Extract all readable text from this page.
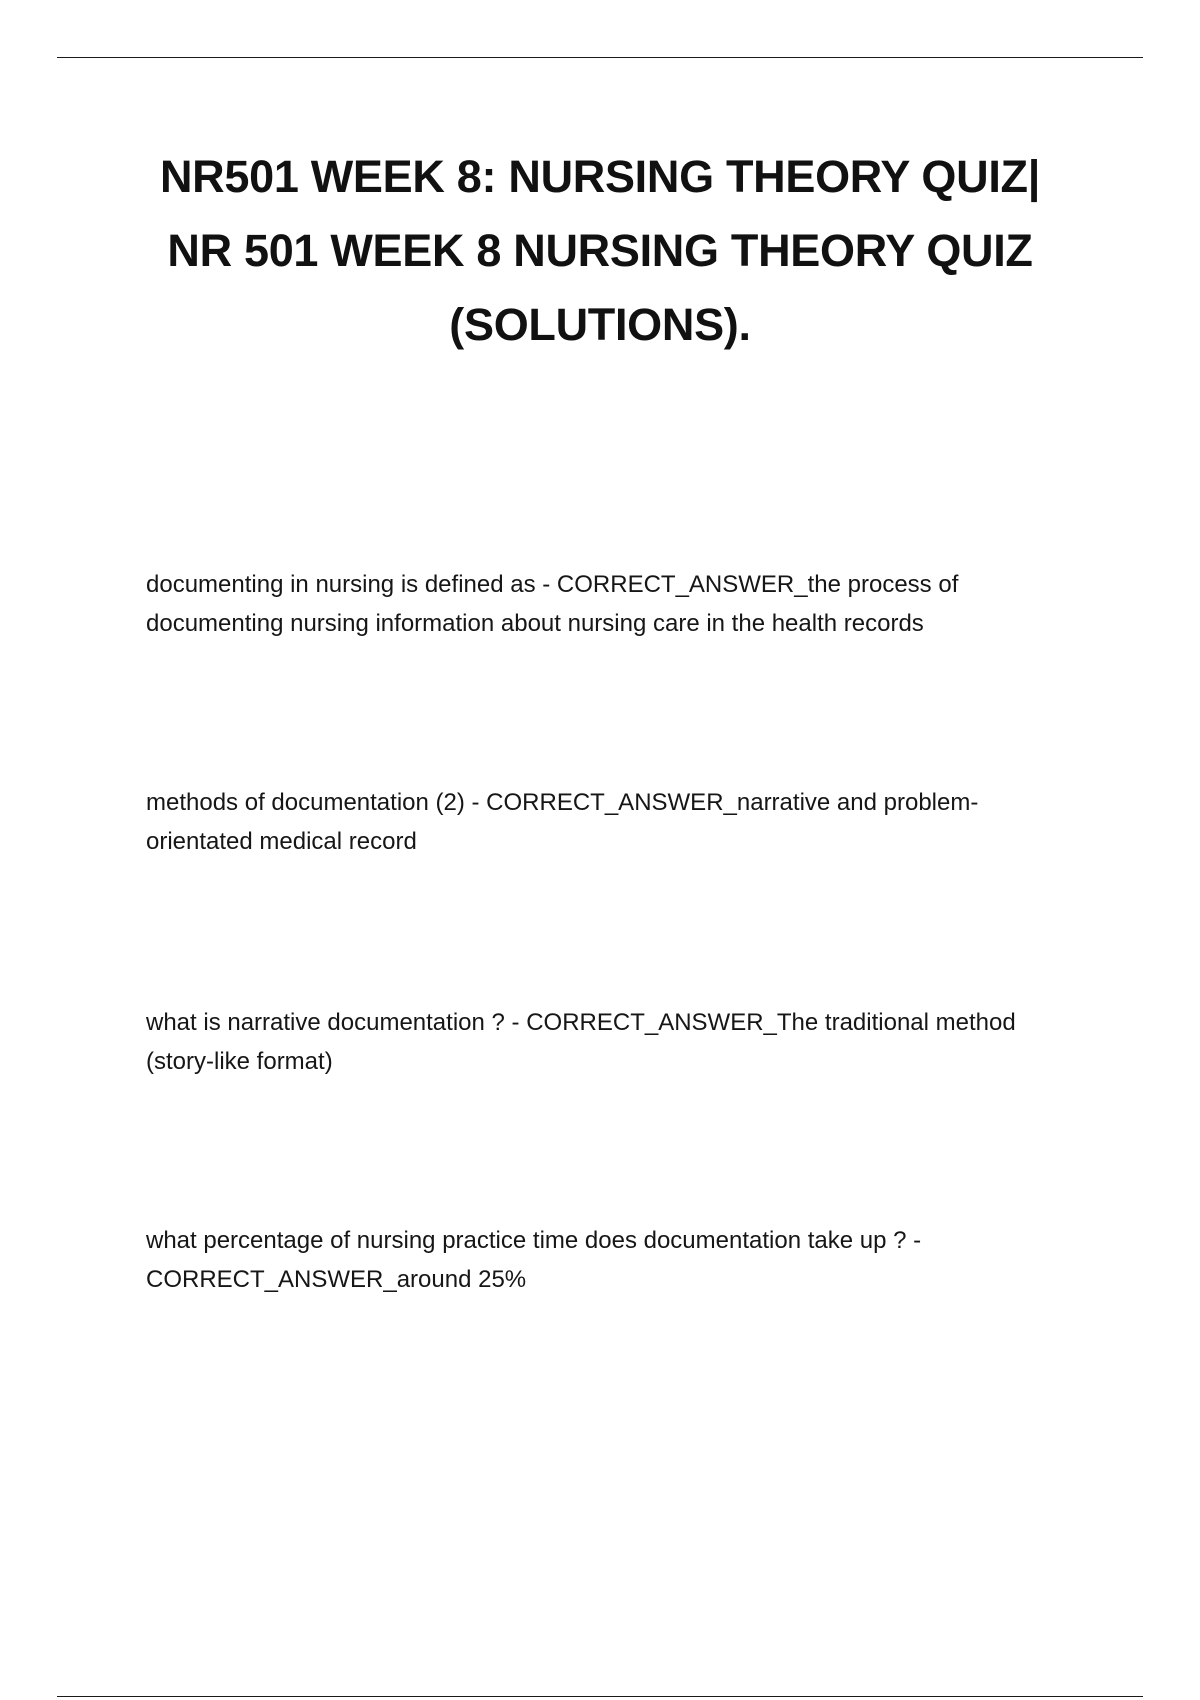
NR501 WEEK 8: NURSING THEORY QUIZ|
NR 501 WEEK 8 NURSING THEORY QUIZ
(SOLUTIONS).

documenting in nursing is defined as - CORRECT_ANSWER_the process of
documenting nursing information about nursing care in the health records

methods of documentation (2) - CORRECT_ANSWER_narrative and problem-
orientated medical record

what is narrative documentation ? - CORRECT_ANSWER_The traditional method
(story-like format)

what percentage of nursing practice time does documentation take up ? -
CORRECT_ANSWER_around 25%
